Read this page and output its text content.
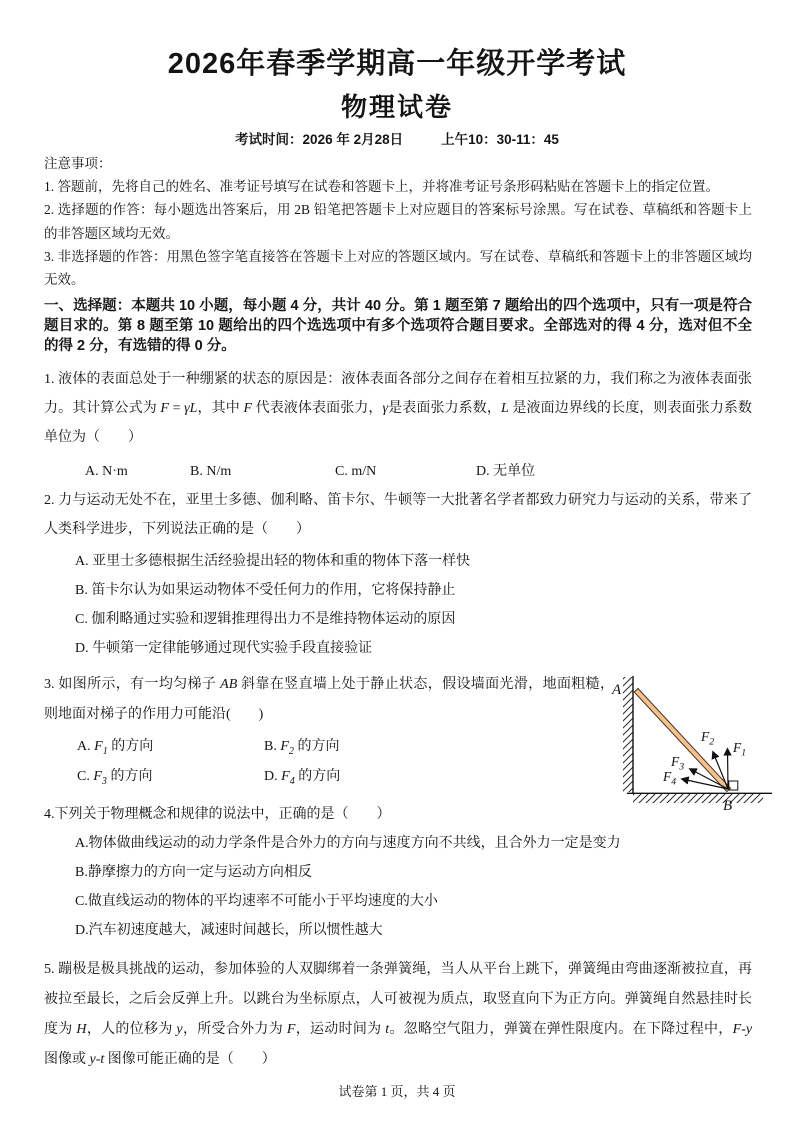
2026年春季学期高一年级开学考试
物理试卷
考试时间：2026 年 2月28日	上午10：30-11：45
注意事项：
1. 答题前，先将自己的姓名、准考证号填写在试卷和答题卡上，并将准考证号条形码粘贴在答题卡上的指定位置。
2. 选择题的作答：每小题选出答案后，用 2B 铅笔把答题卡上对应题目的答案标号涂黑。写在试卷、草稿纸和答题卡上的非答题区域均无效。
3. 非选择题的作答：用黑色签字笔直接答在答题卡上对应的答题区域内。写在试卷、草稿纸和答题卡上的非答题区域均无效。
一、选择题：本题共 10 小题，每小题 4 分，共计 40 分。第 1 题至第 7 题给出的四个选项中，只有一项是符合题目求的。第 8 题至第 10 题给出的四个选选项中有多个选项符合题目要求。全部选对的得 4 分，选对但不全的得 2 分，有选错的得 0 分。
1. 液体的表面总处于一种绷紧的状态的原因是：液体表面各部分之间存在着相互拉紧的力，我们称之为液体表面张力。其计算公式为 F = γL，其中 F 代表液体表面张力，γ是表面张力系数，L 是液面边界线的长度，则表面张力系数单位为（　　）
A. N·m	B. N/m	C. m/N	D. 无单位
2. 力与运动无处不在，亚里士多德、伽利略、笛卡尔、牛顿等一大批著名学者都致力研究力与运动的关系，带来了人类科学进步，下列说法正确的是（　　）
A. 亚里士多德根据生活经验提出轻的物体和重的物体下落一样快
B. 笛卡尔认为如果运动物体不受任何力的作用，它将保持静止
C. 伽利略通过实验和逻辑推理得出力不是维持物体运动的原因
D. 牛顿第一定律能够通过现代实验手段直接验证
3. 如图所示，有一均匀梯子 AB 斜靠在竖直墙上处于静止状态，假设墙面光滑，地面粗糙，则地面对梯子的作用力可能沿(　　)
A. $F_1$ 的方向	B. $F_2$ 的方向
C. $F_3$ 的方向	D. $F_4$ 的方向
A
B
$F_1$
$F_2$
$F_3$
$F_4$
4.下列关于物理概念和规律的说法中，正确的是（　　）
A.物体做曲线运动的动力学条件是合外力的方向与速度方向不共线，且合外力一定是变力
B.静摩擦力的方向一定与运动方向相反
C.做直线运动的物体的平均速率不可能小于平均速度的大小
D.汽车初速度越大，减速时间越长，所以惯性越大
5. 蹦极是极具挑战的运动，参加体验的人双脚绑着一条弹簧绳，当人从平台上跳下，弹簧绳由弯曲逐渐被拉直，再被拉至最长，之后会反弹上升。以跳台为坐标原点，人可被视为质点，取竖直向下为正方向。弹簧绳自然悬挂时长度为 H，人的位移为 y，所受合外力为 F，运动时间为 t。忽略空气阻力，弹簧在弹性限度内。在下降过程中，F-y 图像或 y-t 图像可能正确的是（　　）
试卷第 1 页，共 4 页
